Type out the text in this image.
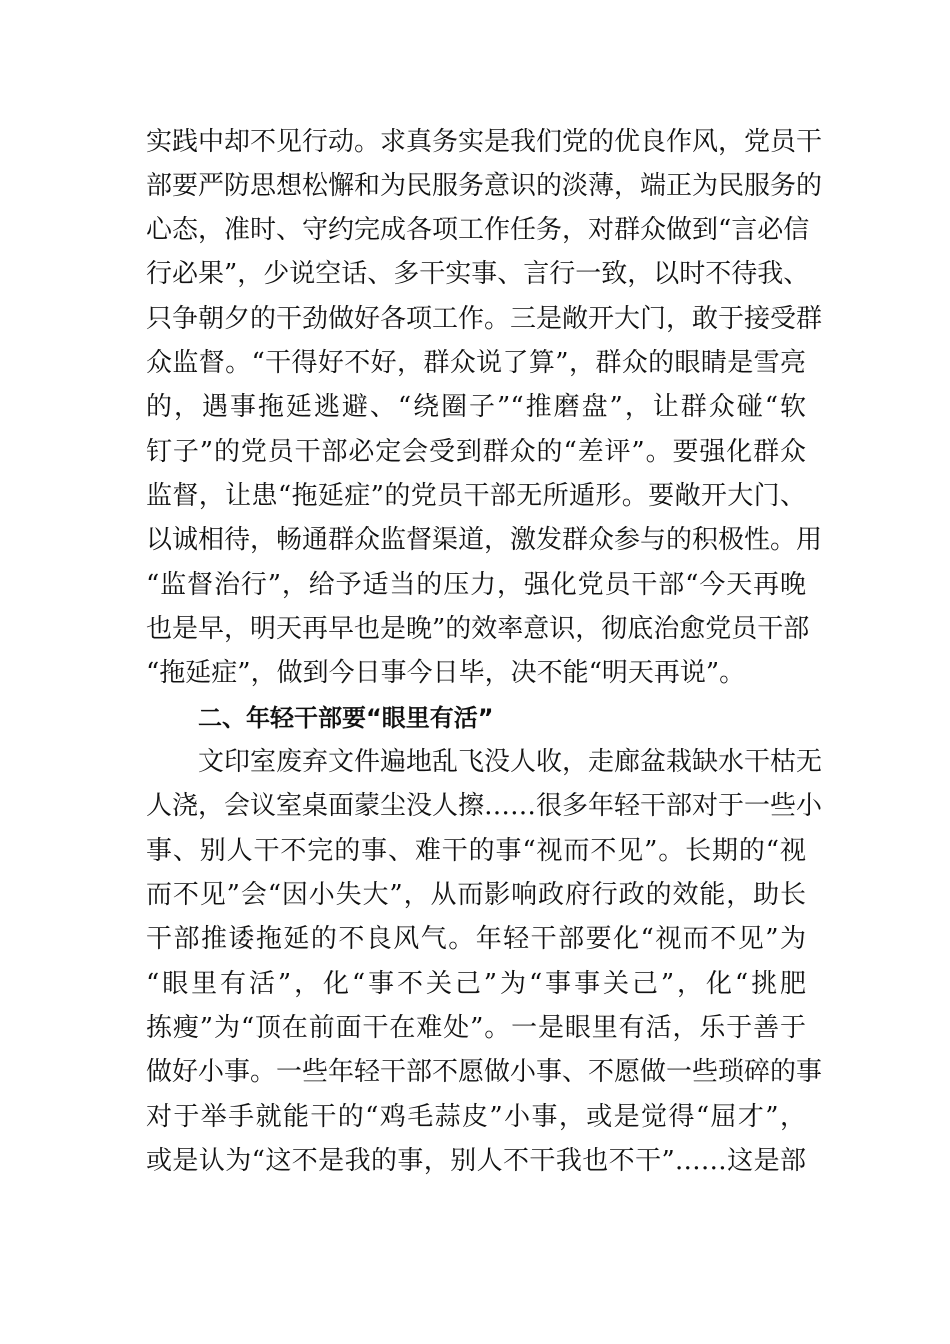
实践中却不见行动。求真务实是我们党的优良作风，党员干
部要严防思想松懈和为民服务意识的淡薄，端正为民服务的
心态，准时、守约完成各项工作任务，对群众做到“言必信
行必果”，少说空话、多干实事、言行一致，以时不待我、
只争朝夕的干劲做好各项工作。三是敞开大门，敢于接受群
众监督。“干得好不好，群众说了算”，群众的眼睛是雪亮
的，遇事拖延逃避、“绕圈子”“推磨盘”，让群众碰“软
钉子”的党员干部必定会受到群众的“差评”。要强化群众
监督，让患“拖延症”的党员干部无所遁形。要敞开大门、
以诚相待，畅通群众监督渠道，激发群众参与的积极性。用
“监督治行”，给予适当的压力，强化党员干部“今天再晚
也是早，明天再早也是晚”的效率意识，彻底治愈党员干部
“拖延症”，做到今日事今日毕，决不能“明天再说”。
二、年轻干部要“眼里有活”
文印室废弃文件遍地乱飞没人收，走廊盆栽缺水干枯无
人浇，会议室桌面蒙尘没人擦……很多年轻干部对于一些小
事、别人干不完的事、难干的事“视而不见”。长期的“视
而不见”会“因小失大”，从而影响政府行政的效能，助长
干部推诿拖延的不良风气。年轻干部要化“视而不见”为
“眼里有活”，化“事不关己”为“事事关己”，化“挑肥
拣瘦”为“顶在前面干在难处”。一是眼里有活，乐于善于
做好小事。一些年轻干部不愿做小事、不愿做一些琐碎的事
对于举手就能干的“鸡毛蒜皮”小事，或是觉得“屈才”，
或是认为“这不是我的事，别人不干我也不干”……这是部
